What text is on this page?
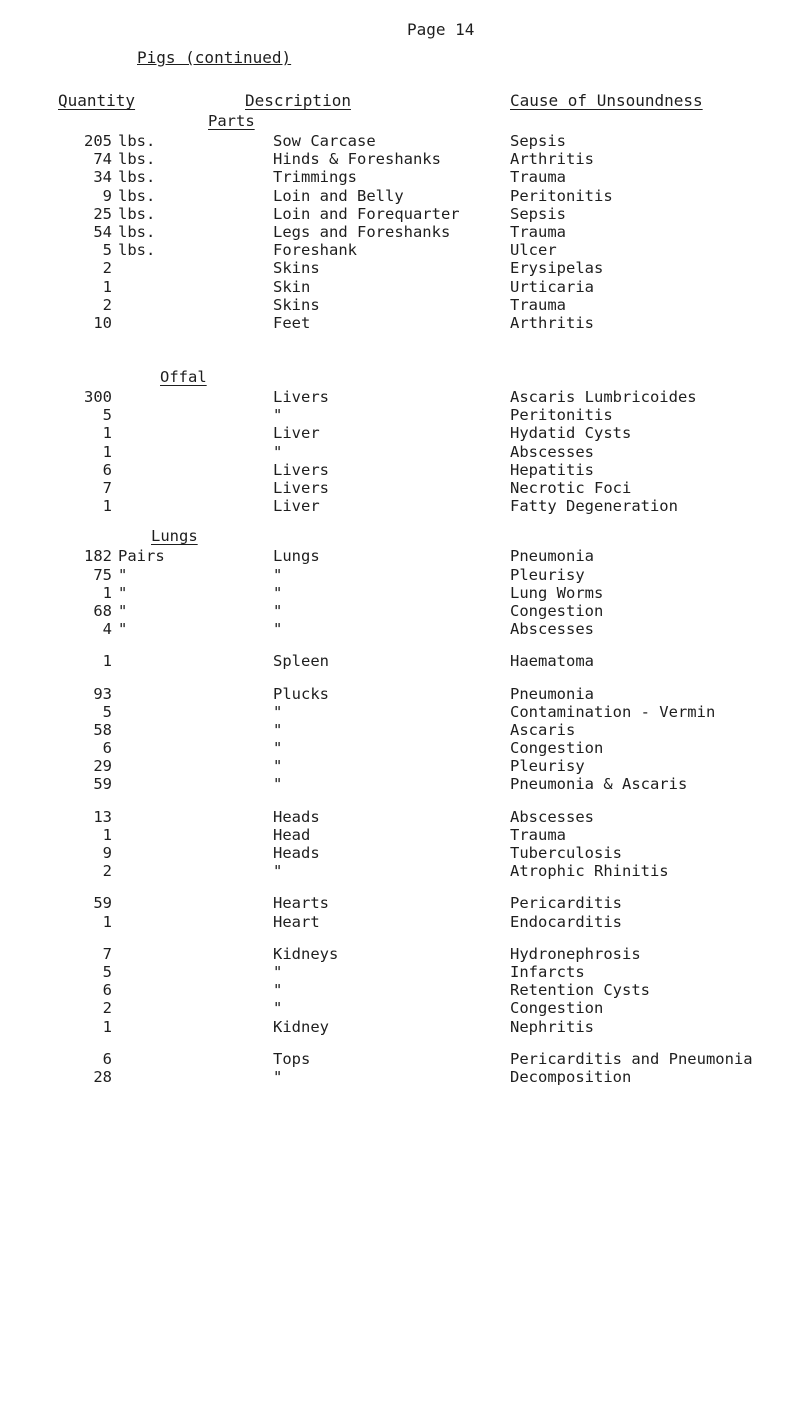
Page 14
Pigs (continued)
Quantity	Description	Cause of Unsoundness
Parts
205 lbs.	Sow Carcase	Sepsis
74 lbs.	Hinds & Foreshanks	Arthritis
34 lbs.	Trimmings	Trauma
9 lbs.	Loin and Belly	Peritonitis
25 lbs.	Loin and Forequarter	Sepsis
54 lbs.	Legs and Foreshanks	Trauma
5 lbs.	Foreshank	Ulcer
2	Skins	Erysipelas
1	Skin	Urticaria
2	Skins	Trauma
10	Feet	Arthritis
Offal
300	Livers	Ascaris Lumbricoides
5	"	Peritonitis
1	Liver	Hydatid Cysts
1	"	Abscesses
6	Livers	Hepatitis
7	Livers	Necrotic Foci
1	Liver	Fatty Degeneration
Lungs
182 Pairs	Lungs	Pneumonia
75 "	"	Pleurisy
1 "	"	Lung Worms
68 "	"	Congestion
4 "	"	Abscesses
1	Spleen	Haematoma
93	Plucks	Pneumonia
5	"	Contamination - Vermin
58	"	Ascaris
6	"	Congestion
29	"	Pleurisy
59	"	Pneumonia & Ascaris
13	Heads	Abscesses
1	Head	Trauma
9	Heads	Tuberculosis
2	"	Atrophic Rhinitis
59	Hearts	Pericarditis
1	Heart	Endocarditis
7	Kidneys	Hydronephrosis
5	"	Infarcts
6	"	Retention Cysts
2	"	Congestion
1	Kidney	Nephritis
6	Tops	Pericarditis and Pneumonia
28	"	Decomposition
